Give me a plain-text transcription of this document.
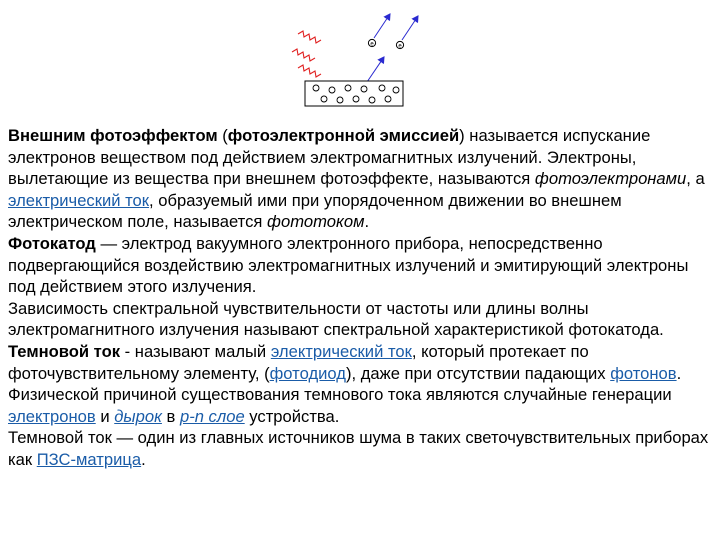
e	e
Внешним фотоэффектом (фотоэлектронной эмиссией) называется испускание электронов веществом под действием электромагнитных излучений. Электроны, вылетающие из вещества при внешнем фотоэффекте, называются фотоэлектронами, а электрический ток, образуемый ими при упорядоченном движении во внешнем электрическом поле, называется фототоком.
Фотокатод — электрод вакуумного электронного прибора, непосредственно подвергающийся воздействию электромагнитных излучений и эмитирующий электроны под действием этого излучения.
Зависимость спектральной чувствительности от частоты или длины волны электромагнитного излучения называют спектральной характеристикой фотокатода.
Темновой ток - называют малый электрический ток, который протекает по фоточувствительному элементу, (фотодиод), даже при отсутствии падающих фотонов. Физической причиной существования темнового тока являются случайные генерации электронов и дырок в p-n слое устройства.
Темновой ток — один из главных источников шума в таких светочувствительных приборах как ПЗС-матрица.
